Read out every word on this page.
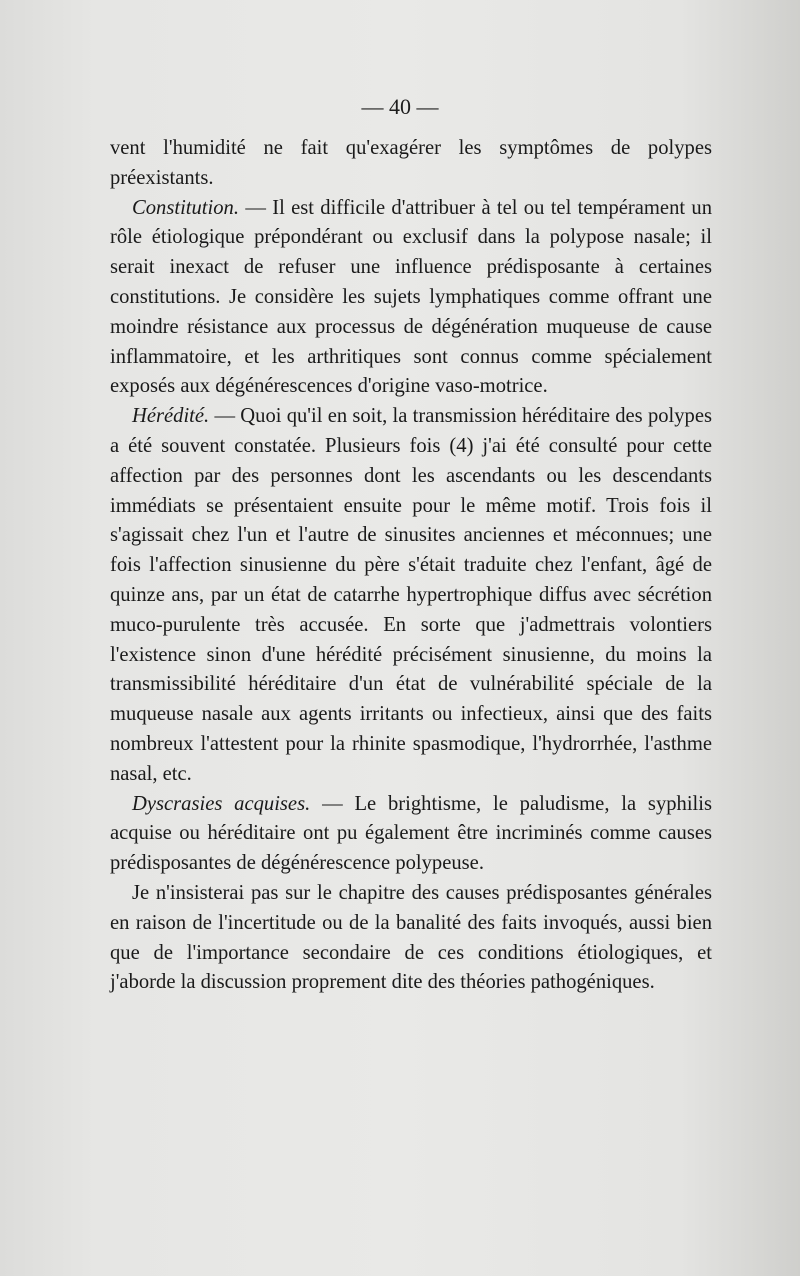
— 40 —

vent l'humidité ne fait qu'exagérer les symptômes de polypes préexistants.

Constitution. — Il est difficile d'attribuer à tel ou tel tempérament un rôle étiologique prépondérant ou exclusif dans la polypose nasale; il serait inexact de refuser une influence prédisposante à certaines constitutions. Je considère les sujets lymphatiques comme offrant une moindre résistance aux processus de dégénération muqueuse de cause inflammatoire, et les arthritiques sont connus comme spécialement exposés aux dégénérescences d'origine vaso-motrice.

Hérédité. — Quoi qu'il en soit, la transmission héréditaire des polypes a été souvent constatée. Plusieurs fois (4) j'ai été consulté pour cette affection par des personnes dont les ascendants ou les descendants immédiats se présentaient ensuite pour le même motif. Trois fois il s'agissait chez l'un et l'autre de sinusites anciennes et méconnues; une fois l'affection sinusienne du père s'était traduite chez l'enfant, âgé de quinze ans, par un état de catarrhe hypertrophique diffus avec sécrétion muco-purulente très accusée. En sorte que j'admettrais volontiers l'existence sinon d'une hérédité précisément sinusienne, du moins la transmissibilité héréditaire d'un état de vulnérabilité spéciale de la muqueuse nasale aux agents irritants ou infectieux, ainsi que des faits nombreux l'attestent pour la rhinite spasmodique, l'hydrorrhée, l'asthme nasal, etc.

Dyscrasies acquises. — Le brightisme, le paludisme, la syphilis acquise ou héréditaire ont pu également être incriminés comme causes prédisposantes de dégénérescence polypeuse.

Je n'insisterai pas sur le chapitre des causes prédisposantes générales en raison de l'incertitude ou de la banalité des faits invoqués, aussi bien que de l'importance secondaire de ces conditions étiologiques, et j'aborde la discussion proprement dite des théories pathogéniques.
